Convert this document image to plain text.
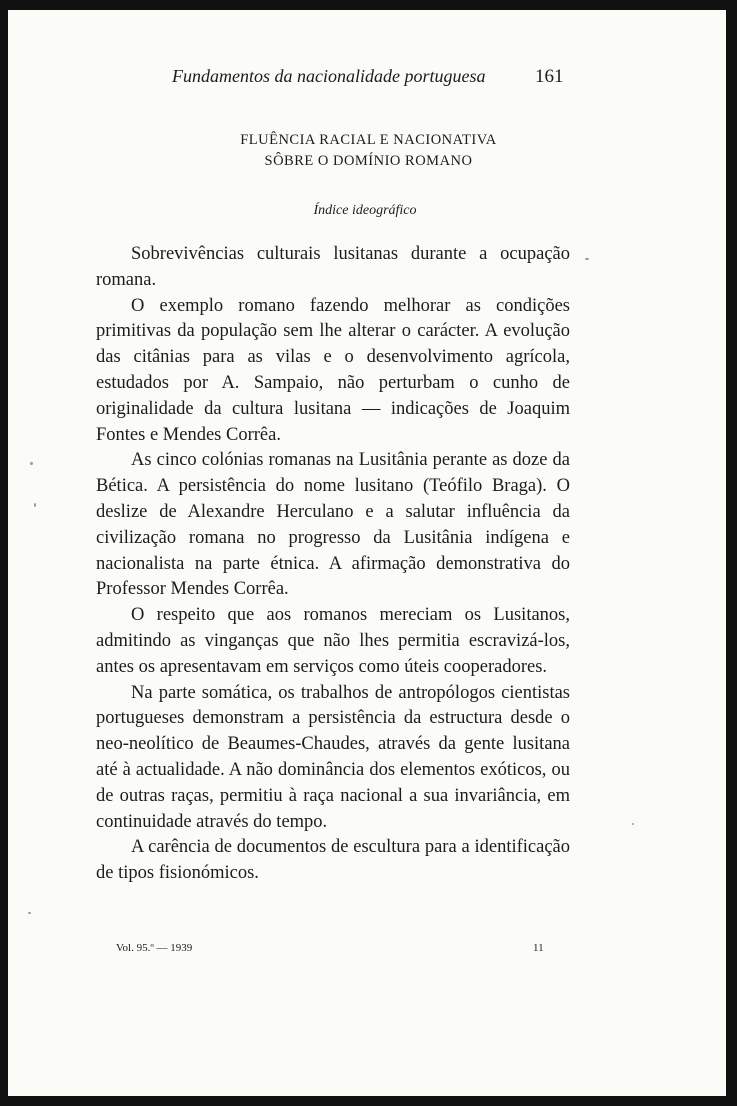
Fundamentos da nacionalidade portuguesa	161
FLUÊNCIA RACIAL E NACIONATIVA
SÔBRE O DOMÍNIO ROMANO
Índice ideográfico

Sobrevivências culturais lusitanas durante a ocupação romana.

O exemplo romano fazendo melhorar as condições primitivas da população sem lhe alterar o carácter. A evolução das citânias para as vilas e o desenvolvimento agrícola, estudados por A. Sampaio, não perturbam o cunho de originalidade da cultura lusitana — indicações de Joaquim Fontes e Mendes Corrêa.

As cinco colónias romanas na Lusitânia perante as doze da Bética. A persistência do nome lusitano (Teófilo Braga). O deslize de Alexandre Herculano e a salutar influência da civilização romana no progresso da Lusitânia indígena e nacionalista na parte étnica. A afirmação demonstrativa do Professor Mendes Corrêa.

O respeito que aos romanos mereciam os Lusitanos, admitindo as vinganças que não lhes permitia escravizá-los, antes os apresentavam em serviços como úteis cooperadores.

Na parte somática, os trabalhos de antropólogos cientistas portugueses demonstram a persistência da estructura desde o neo-neolítico de Beaumes-Chaudes, através da gente lusitana até à actualidade. A não dominância dos elementos exóticos, ou de outras raças, permitiu à raça nacional a sua invariância, em continuidade através do tempo.

A carência de documentos de escultura para a identificação de tipos fisionómicos.

Vol. 95.º — 1939	11
